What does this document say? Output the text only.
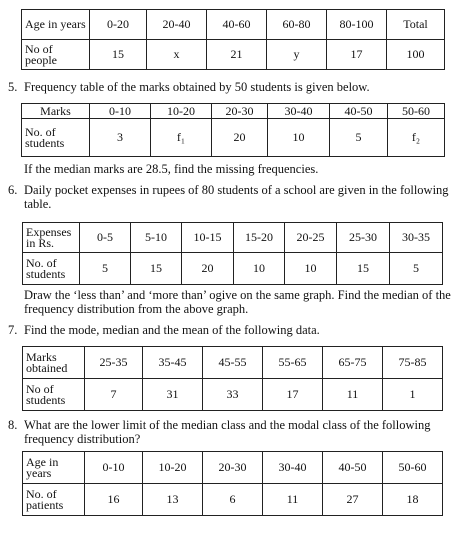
Age in years	0-20	20-40	40-60	60-80	80-100	Total
No of people	15	x	21	y	17	100
5. Frequency table of the marks obtained by 50 students is given below.
Marks	0-10	10-20	20-30	30-40	40-50	50-60
No. of students	3	f₁	20	10	5	f₂
If the median marks are 28.5, find the missing frequencies.
6. Daily pocket expenses in rupees of 80 students of a school are given in the following
table.
Expenses in Rs.	0-5	5-10	10-15	15-20	20-25	25-30	30-35
No. of students	5	15	20	10	10	15	5
Draw the ‘less than’ and ‘more than’ ogive on the same graph. Find the median of the
frequency distribution from the above graph.
7. Find the mode, median and the mean of the following data.
Marks obtained	25-35	35-45	45-55	55-65	65-75	75-85
No of students	7	31	33	17	11	1
8. What are the lower limit of the median class and the modal class of the following
frequency distribution?
Age in years	0-10	10-20	20-30	30-40	40-50	50-60
No. of patients	16	13	6	11	27	18
